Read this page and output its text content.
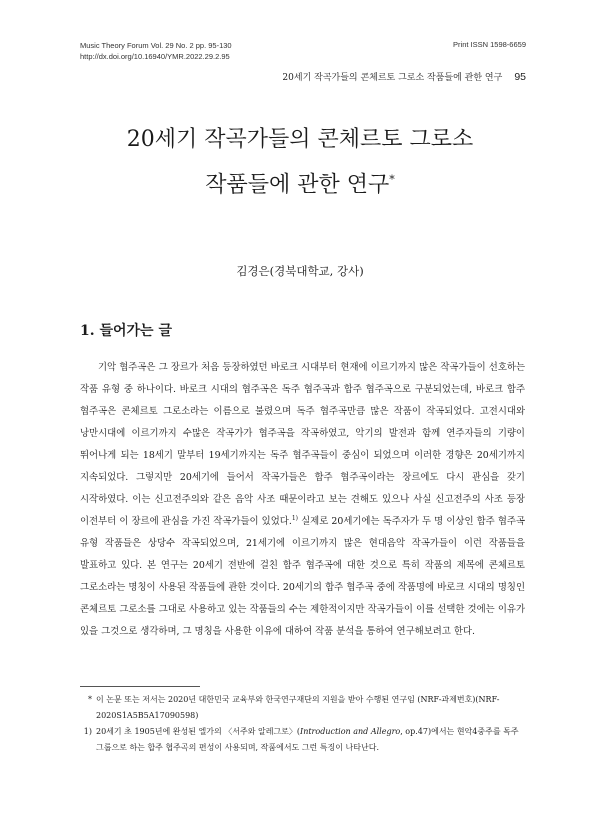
Music Theory Forum Vol. 29 No. 2 pp. 95-130
http://dx.doi.org/10.16940/YMR.2022.29.2.95
Print ISSN 1598-6659
20세기 작곡가들의 콘체르토 그로소 작품들에 관한 연구 95
20세기 작곡가들의 콘체르토 그로소
작품들에 관한 연구*
김경은(경북대학교, 강사)
1. 들어가는 글

기악 협주곡은 그 장르가 처음 등장하였던 바로크 시대부터 현재에 이르기까지 많은 작곡가들이 선호하는 작품 유형 중 하나이다. 바로크 시대의 협주곡은 독주 협주곡과 합주 협주곡으로 구분되었는데, 바로크 합주 협주곡은 콘체르토 그로소라는 이름으로 불렸으며 독주 협주곡만큼 많은 작품이 작곡되었다. 고전시대와 낭만시대에 이르기까지 수많은 작곡가가 협주곡을 작곡하였고, 악기의 발전과 함께 연주자들의 기량이 뛰어나게 되는 18세기 말부터 19세기까지는 독주 협주곡들이 중심이 되었으며 이러한 경향은 20세기까지 지속되었다. 그렇지만 20세기에 들어서 작곡가들은 합주 협주곡이라는 장르에도 다시 관심을 갖기 시작하였다. 이는 신고전주의와 같은 음악 사조 때문이라고 보는 견해도 있으나 사실 신고전주의 사조 등장 이전부터 이 장르에 관심을 가진 작곡가들이 있었다.$^{1)}$ 실제로 20세기에는 독주자가 두 명 이상인 합주 협주곡 유형 작품들은 상당수 작곡되었으며, 21세기에 이르기까지 많은 현대음악 작곡가들이 이런 작품들을 발표하고 있다. 본 연구는 20세기 전반에 걸친 합주 협주곡에 대한 것으로 특히 작품의 제목에 콘체르토 그로소라는 명칭이 사용된 작품들에 관한 것이다. 20세기의 합주 협주곡 중에 작품명에 바로크 시대의 명칭인 콘체르토 그로소를 그대로 사용하고 있는 작품들의 수는 제한적이지만 작곡가들이 이를 선택한 것에는 이유가 있을 그것으로 생각하며, 그 명칭을 사용한 이유에 대하여 작품 분석을 통하여 연구해보려고 한다.

* 이 논문 또는 저서는 2020년 대한민국 교육부와 한국연구재단의 지원을 받아 수행된 연구임 (NRF-과제번호)(NRF-2020S1A5B5A17090598)
1) 20세기 초 1905년에 완성된 엘가의 〈서주와 알레그로〉(Introduction and Allegro, op.47)에서는 현악4중주를 독주 그룹으로 하는 합주 협주곡의 편성이 사용되며, 작품에서도 그런 특징이 나타난다.
